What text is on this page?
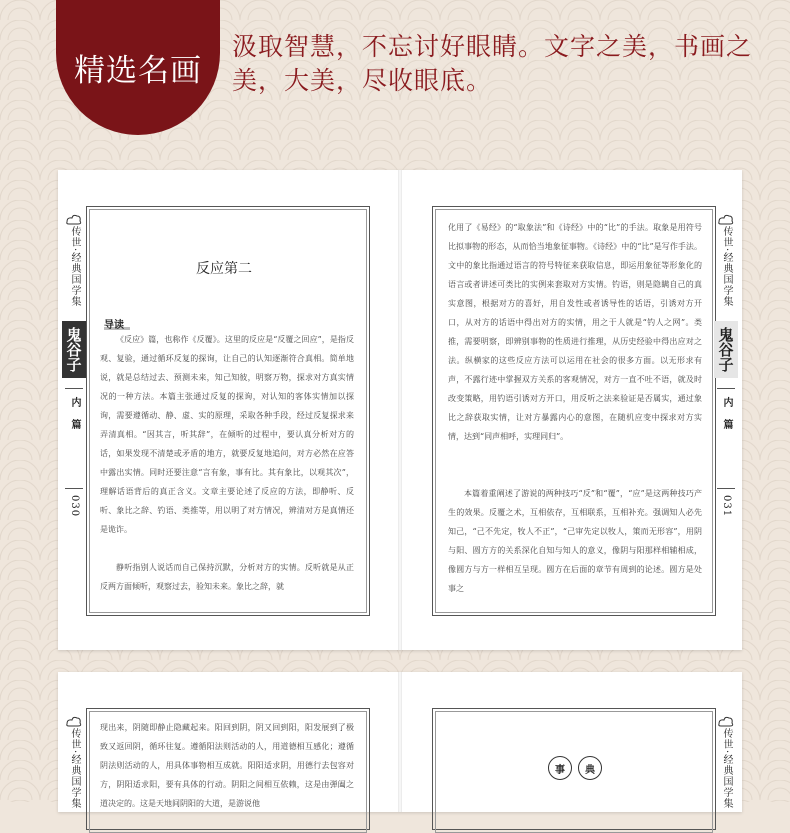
精选名画
汲取智慧，不忘讨好眼睛。文字之美，书画之美，大美，尽收眼底。
传世·
经典国学集
鬼谷子
内　篇
030
反应第二
导读
《反应》篇，也称作《反覆》。这里的反应是“反覆之回应”，是指反观、复验，通过循环反复的探询，让自己的认知逐渐符合真相。简单地说，就是总结过去、预测未来，知己知彼，明察万物，探求对方真实情况的一种方法。本篇主张通过反复的探询，对认知的客体实情加以探询，需要遵循动、静、虚、实的原理，采取各种手段，经过反复探求来弄清真相。“因其言，听其辞”，在倾听的过程中，要认真分析对方的话，如果发现不清楚或矛盾的地方，就要反复地追问，对方必然在应答中露出实情。同时还要注意“言有象，事有比。其有象比，以观其次”，理解话语背后的真正含义。文章主要论述了反应的方法，即静听、反听、象比之辞、钓语、类推等，用以明了对方情况，辨清对方是真情还是诡诈。
静听指别人说话而自己保持沉默，分析对方的实情。反听就是从正反两方面倾听，观察过去，验知未来。象比之辞，就
传世·
经典国学集
鬼谷子
内　篇
031
化用了《易经》的“取象法”和《诗经》中的“比”的手法。取象是用符号比拟事物的形态，从而恰当地象征事物。《诗经》中的“比”是写作手法。文中的象比指通过语言的符号特征来获取信息，即运用象征等形象化的语言或者讲述可类比的实例来套取对方实情。钓语，则是隐瞒自己的真实意图，根据对方的喜好，用自发性或者诱导性的话语，引诱对方开口，从对方的话语中得出对方的实情，用之于人就是“钓人之网”。类推，需要明察，即辨别事物的性质进行推理，从历史经验中得出应对之法。纵横家的这些反应方法可以运用在社会的很多方面。以无形求有声，不露行迹中掌握双方关系的客观情况，对方一直不吐不语，就及时改变策略，用钓语引诱对方开口，用反听之法来验证是否属实，通过象比之辞获取实情，让对方暴露内心的意图，在随机应变中探求对方实情，达到“同声相呼，实理同归”。
本篇着重阐述了游说的两种技巧“反”和“覆”，“应”是这两种技巧产生的效果。反覆之术，互相依存，互相联系，互相补充。强调知人必先知己，“己不先定，牧人不正”，“己审先定以牧人，策而无形容”，用阴与阳、圆方方的关系深化自知与知人的意义，像阴与阳那样相辅相成，像圆方与方一样相互呈现。圆方在后面的章节有周到的论述。圆方是处事之
传世·
经典国学集
现出来，阴随即静止隐藏起来。阳回到阴，阴又回到阳，阳发展到了极致又返回阴，循环往复。遵循阳法则活动的人，用道德相互感化；遵循阴法则活动的人，用具体事物相互成就。阳阳适求阴，用德行去包容对方，阴阳适求阳，要有具体的行动。阴阳之间相互依赖，这是由弹阖之道决定的。这是天地间阴阳的大道，是游说他
事	典
传世·
经典国学集
